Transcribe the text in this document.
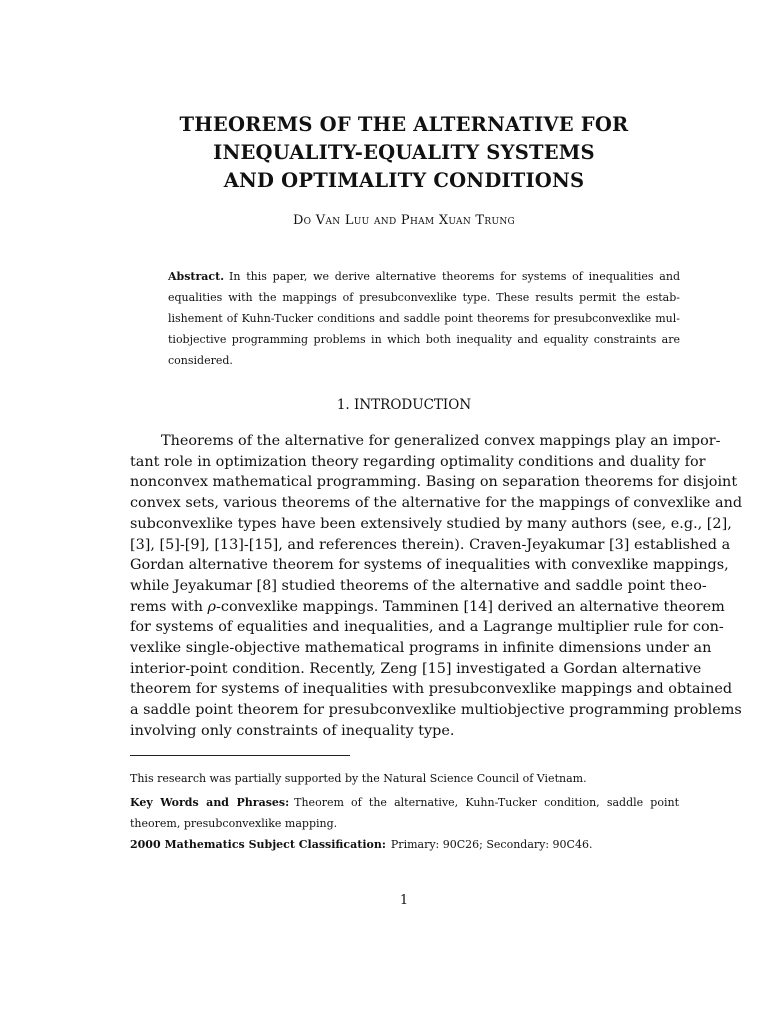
THEOREMS OF THE ALTERNATIVE FOR
INEQUALITY-EQUALITY SYSTEMS
AND OPTIMALITY CONDITIONS
Do Van Luu and Pham Xuan Trung
Abstract. In this paper, we derive alternative theorems for systems of inequalities and
equalities with the mappings of presubconvexlike type. These results permit the estab-
lishement of Kuhn-Tucker conditions and saddle point theorems for presubconvexlike mul-
tiobjective programming problems in which both inequality and equality constraints are
considered.
1. INTRODUCTION
Theorems of the alternative for generalized convex mappings play an impor-
tant role in optimization theory regarding optimality conditions and duality for
nonconvex mathematical programming. Basing on separation theorems for disjoint
convex sets, various theorems of the alternative for the mappings of convexlike and
subconvexlike types have been extensively studied by many authors (see, e.g., [2],
[3], [5]-[9], [13]-[15], and references therein). Craven-Jeyakumar [3] established a
Gordan alternative theorem for systems of inequalities with convexlike mappings,
while Jeyakumar [8] studied theorems of the alternative and saddle point theo-
rems with ρ-convexlike mappings. Tamminen [14] derived an alternative theorem
for systems of equalities and inequalities, and a Lagrange multiplier rule for con-
vexlike single-objective mathematical programs in infinite dimensions under an
interior-point condition. Recently, Zeng [15] investigated a Gordan alternative
theorem for systems of inequalities with presubconvexlike mappings and obtained
a saddle point theorem for presubconvexlike multiobjective programming problems
involving only constraints of inequality type.
This research was partially supported by the Natural Science Council of Vietnam.
Key Words and Phrases: Theorem of the alternative, Kuhn-Tucker condition, saddle point
theorem, presubconvexlike mapping.
2000 Mathematics Subject Classification: Primary: 90C26; Secondary: 90C46.
1
